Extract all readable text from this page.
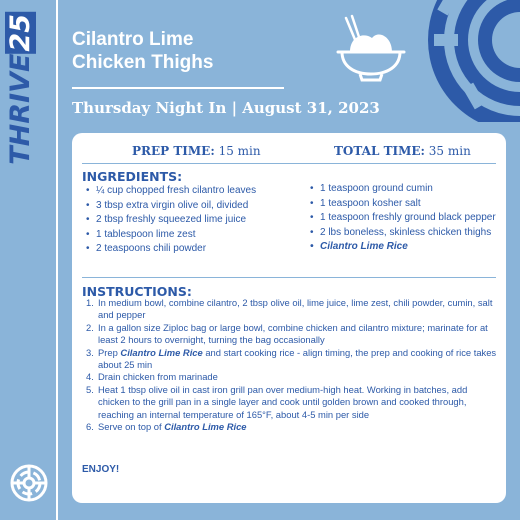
THRIVE25 Cilantro Lime
Chicken Thighs
Thursday Night In | August 31, 2023
PREP TIME: 15 min	TOTAL TIME: 35 min
INGREDIENTS:
• ¼ cup chopped fresh cilantro leaves
• 3 tbsp extra virgin olive oil, divided
• 2 tbsp freshly squeezed lime juice
• 1 tablespoon lime zest
• 2 teaspoons chili powder
• 1 teaspoon ground cumin
• 1 teaspoon kosher salt
• 1 teaspoon freshly ground black pepper
• 2 lbs boneless, skinless chicken thighs
• Cilantro Lime Rice
INSTRUCTIONS:
1. In medium bowl, combine cilantro, 2 tbsp olive oil, lime juice, lime zest, chili powder, cumin, salt and pepper
2. In a gallon size Ziploc bag or large bowl, combine chicken and cilantro mixture; marinate for at least 2 hours to overnight, turning the bag occasionally
3. Prep Cilantro Lime Rice and start cooking rice - align timing, the prep and cooking of rice takes about 25 min
4. Drain chicken from marinade
5. Heat 1 tbsp olive oil in cast iron grill pan over medium-high heat. Working in batches, add chicken to the grill pan in a single layer and cook until golden brown and cooked through, reaching an internal temperature of 165°F, about 4-5 min per side
6. Serve on top of Cilantro Lime Rice
ENJOY!
